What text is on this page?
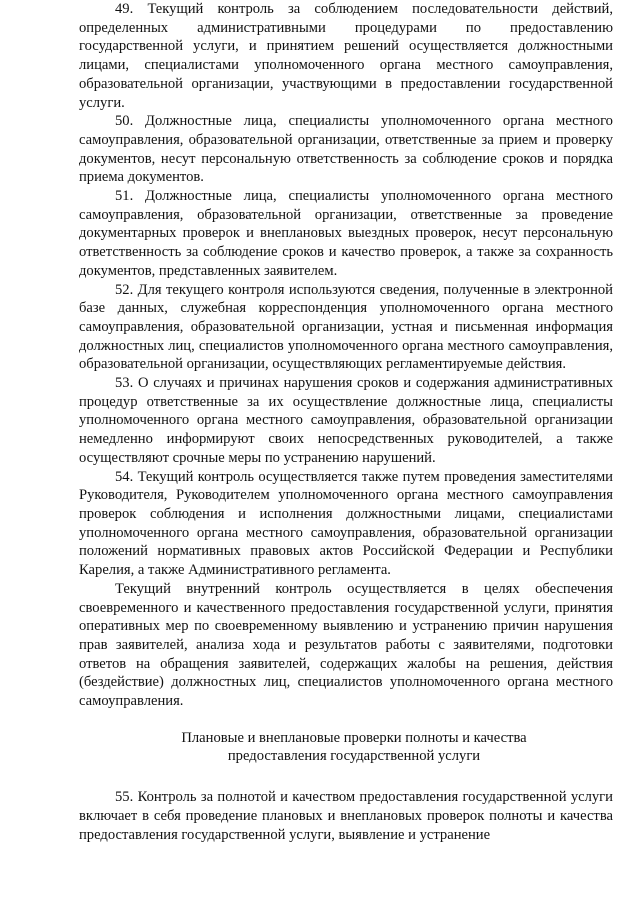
49. Текущий контроль за соблюдением последовательности действий, определенных административными процедурами по предоставлению государственной услуги, и принятием решений осуществляется должностными лицами, специалистами уполномоченного органа местного самоуправления, образовательной организации, участвующими в предоставлении государственной услуги.

50. Должностные лица, специалисты уполномоченного органа местного самоуправления, образовательной организации, ответственные за прием и проверку документов, несут персональную ответственность за соблюдение сроков и порядка приема документов.

51. Должностные лица, специалисты уполномоченного органа местного самоуправления, образовательной организации, ответственные за проведение документарных проверок и внеплановых выездных проверок, несут персональную ответственность за соблюдение сроков и качество проверок, а также за сохранность документов, представленных заявителем.

52. Для текущего контроля используются сведения, полученные в электронной базе данных, служебная корреспонденция уполномоченного органа местного самоуправления, образовательной организации, устная и письменная информация должностных лиц, специалистов уполномоченного органа местного самоуправления, образовательной организации, осуществляющих регламентируемые действия.

53. О случаях и причинах нарушения сроков и содержания административных процедур ответственные за их осуществление должностные лица, специалисты уполномоченного органа местного самоуправления, образовательной организации немедленно информируют своих непосредственных руководителей, а также осуществляют срочные меры по устранению нарушений.

54. Текущий контроль осуществляется также путем проведения заместителями Руководителя, Руководителем уполномоченного органа местного самоуправления проверок соблюдения и исполнения должностными лицами, специалистами уполномоченного органа местного самоуправления, образовательной организации положений нормативных правовых актов Российской Федерации и Республики Карелия, а также Административного регламента.

Текущий внутренний контроль осуществляется в целях обеспечения своевременного и качественного предоставления государственной услуги, принятия оперативных мер по своевременному выявлению и устранению причин нарушения прав заявителей, анализа хода и результатов работы с заявителями, подготовки ответов на обращения заявителей, содержащих жалобы на решения, действия (бездействие) должностных лиц, специалистов уполномоченного органа местного самоуправления.

Плановые и внеплановые проверки полноты и качества

предоставления государственной услуги

55. Контроль за полнотой и качеством предоставления государственной услуги включает в себя проведение плановых и внеплановых проверок полноты и качества предоставления государственной услуги, выявление и устранение
